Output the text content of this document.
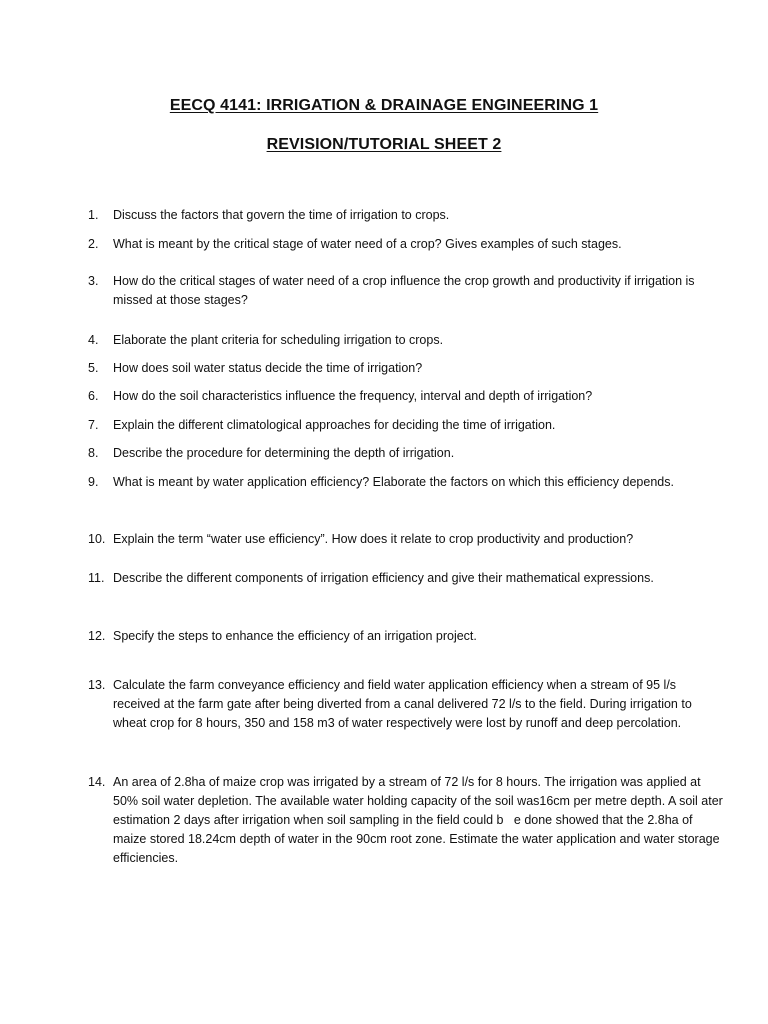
EECQ 4141: IRRIGATION & DRAINAGE ENGINEERING 1
REVISION/TUTORIAL SHEET 2
1.	Discuss the factors that govern the time of irrigation to crops.
2.	What is meant by the critical stage of water need of a crop? Gives examples of such stages.
3.	How do the critical stages of water need of a crop influence the crop growth and productivity if irrigation is missed at those stages?
4.	Elaborate the plant criteria for scheduling irrigation to crops.
5.	How does soil water status decide the time of irrigation?
6.	How do the soil characteristics influence the frequency, interval and depth of irrigation?
7.	Explain the different climatological approaches for deciding the time of irrigation.
8.	Describe the procedure for determining the depth of irrigation.
9.	What is meant by water application efficiency? Elaborate the factors on which this efficiency depends.
10. Explain the term “water use efficiency”. How does it relate to crop productivity and production?
11. Describe the different components of irrigation efficiency and give their mathematical expressions.
12. Specify the steps to enhance the efficiency of an irrigation project.
13. Calculate the farm conveyance efficiency and field water application efficiency when a stream of 95 l/s received at the farm gate after being diverted from a canal delivered 72 l/s to the field. During irrigation to wheat crop for 8 hours, 350 and 158 m3 of water respectively were lost by runoff and deep percolation.
14. An area of 2.8ha of maize crop was irrigated by a stream of 72 l/s for 8 hours. The irrigation was applied at 50% soil water depletion. The available water holding capacity of the soil was16cm per metre depth. A soil ater estimation 2 days after irrigation when soil sampling in the field could b   e done showed that the 2.8ha of maize stored 18.24cm depth of water in the 90cm root zone. Estimate the water application and water storage efficiencies.
